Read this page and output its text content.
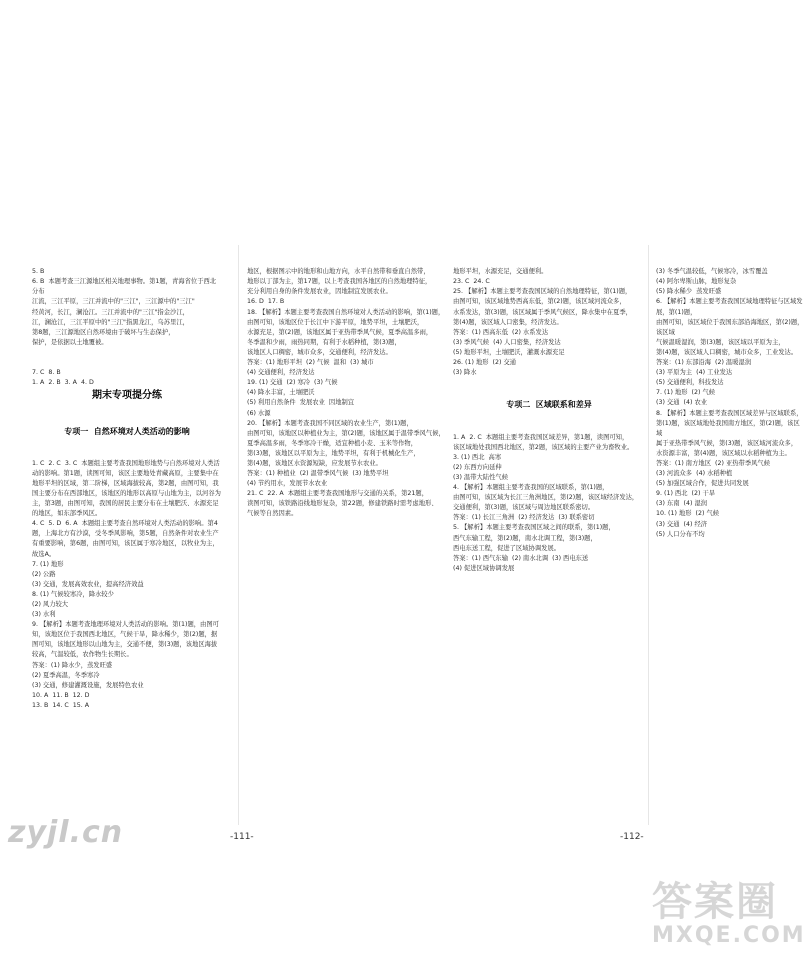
5. B
6. B  本题考查三江源地区相关地理事物。第1题，青海省位于西北分布
江流，三江平原，三江并流中的"三江"，三江源中的"三江"
经黄河，长江，澜沧江。三江并流中的"三江"指金沙江，
江，澜沧江，三江平原中的"三江"指黑龙江，乌苏里江，
第8题，三江源地区自然环境由于破坏与生态保护，
保护，是依据以土地覆被。

7. C  8. B
1. A  2. B  3. A  4. D
期末专项提分练

专项一  自然环境对人类活动的影响

1. C  2. C  3. C  本题组主要考查我国地形地势与自然环境对人类活动的影响。第1题，读图可知，该区主要地处青藏高原，主要集中在地形平坦的区域，第二阶梯，区域海拔较高，第2题，由图可知，我国主要分布在西部地区，该地区的地形以高原与山地为主，以河谷为主，第3题，由图可知，我国的居民主要分布在土壤肥沃、水源充足的地区，如东部季风区。
4. C  5. D  6. A  本题组主要考查自然环境对人类活动的影响。第4题，上海北方有沙漠，受冬季风影响，第5题，自然条件对农业生产有重要影响，第6题，由图可知，该区属于寒冷地区，以牧业为主，故选A。
7. (1) 地形
(2) 公路
(3) 交通，发展高效农业，提高经济效益
8. (1) 气候较寒冷，降水较少
(2) 风力较大
(3) 水利
9. 【解析】本题考查地理环境对人类活动的影响。第(1)题，由图可知，该地区位于我国西北地区，气候干旱，降水稀少，第(2)题，据图可知，该地区地形以山地为主，交通不便，第(3)题，该地区海拔较高，气温较低，农作物生长期长。
答案：(1) 降水少，蒸发旺盛
(2) 夏季高温，冬季寒冷
(3) 交通，修建灌溉设施，发展特色农业
10. A  11. B  12. D
13. B  14. C  15. A

地区，根据图示中的地形和山地方向，水平自然带和垂直自然带，
地形以丁部为主，第17题，以上考查我国各地区的自然地理特征，
充分利用自身的条件发展农业，因地制宜发展农业。
16. D  17. B
18. 【解析】本题主要考查我国自然环境对人类活动的影响，第(1)题，
由图可知，该地区位于长江中下游平原，地势平坦，土壤肥沃，
水源充足，第(2)题，该地区属于亚热带季风气候，夏季高温多雨，
冬季温和少雨，雨热同期，有利于水稻种植，第(3)题，
该地区人口稠密，城市众多，交通便利，经济发达。
答案：(1) 地形平坦  (2) 气候  温和  (3) 城市
(4) 交通便利，经济发达
19. (1) 交通  (2) 寒冷  (3) 气候
(4) 降水丰富，土壤肥沃
(5) 利用自然条件  发展农业  因地制宜
(6) 水源
20. 【解析】本题考查我国不同区域的农业生产，第(1)题，
由图可知，该地区以种植业为主，第(2)题，该地区属于温带季风气候，
夏季高温多雨，冬季寒冷干燥，适宜种植小麦、玉米等作物，
第(3)题，该地区以平原为主，地势平坦，有利于机械化生产，
第(4)题，该地区水资源短缺，应发展节水农业。
答案：(1) 种植业  (2) 温带季风气候  (3) 地势平坦
(4) 节约用水，发展节水农业
21. C  22. A  本题组主要考查我国地形与交通的关系，第21题，
读图可知，该铁路沿线地形复杂，第22题，修建铁路时需考虑地形、
气候等自然因素。

地形平坦，水源充足，交通便利。
23. C  24. C
25. 【解析】本题主要考查我国区域的自然地理特征，第(1)题，
由图可知，该区域地势西高东低，第(2)题，该区域河流众多，
水系发达，第(3)题，该区域属于季风气候区，降水集中在夏季，
第(4)题，该区域人口密集，经济发达。
答案：(1) 西高东低  (2) 水系发达
(3) 季风气候  (4) 人口密集，经济发达
(5) 地形平坦，土壤肥沃，灌溉水源充足
26. (1) 地形  (2) 交通
(3) 降水

专项二  区域联系和差异

1. A  2. C  本题组主要考查我国区域差异，第1题，读图可知，
该区域地处我国西北地区，第2题，该区域的主要产业为畜牧业。
3. (1) 西北  高寒
(2) 东西方向延伸
(3) 温带大陆性气候
4. 【解析】本题组主要考查我国的区域联系，第(1)题，
由图可知，该区域为长江三角洲地区，第(2)题，该区域经济发达，
交通便利，第(3)题，该区域与周边地区联系密切。
答案：(1) 长江三角洲  (2) 经济发达  (3) 联系密切
5. 【解析】本题主要考查我国区域之间的联系，第(1)题，
西气东输工程，第(2)题，南水北调工程，第(3)题，
西电东送工程，促进了区域协调发展。
答案：(1) 西气东输  (2) 南水北调  (3) 西电东送
(4) 促进区域协调发展

(3) 冬季气温较低，气候寒冷，冰雪覆盖
(4) 阿尔卑斯山脉，地形复杂
(5) 降水稀少  蒸发旺盛
6. 【解析】本题主要考查我国区域地理特征与区域发展，第(1)题，
由图可知，该区域位于我国东部沿海地区，第(2)题，该区域
气候温暖湿润，第(3)题，该区域以平原为主，
第(4)题，该区域人口稠密，城市众多，工业发达。
答案：(1) 东部沿海  (2) 温暖湿润
(3) 平原为主  (4) 工业发达
(5) 交通便利，科技发达
7. (1) 地形  (2) 气候
(3) 交通  (4) 农业
8. 【解析】本题主要考查我国区域差异与区域联系，
第(1)题，该区域地处我国南方地区，第(2)题，该区域
属于亚热带季风气候，第(3)题，该区域河流众多，
水资源丰富，第(4)题，该区域以水稻种植为主。
答案：(1) 南方地区  (2) 亚热带季风气候
(3) 河流众多  (4) 水稻种植
(5) 加强区域合作，促进共同发展
9. (1) 西北  (2) 干旱
(3) 东南  (4) 湿润
10. (1) 地形  (2) 气候
(3) 交通  (4) 经济
(5) 人口分布不均

-111-	-112-
zyjl.cn
答案圈
MXQE.COM
